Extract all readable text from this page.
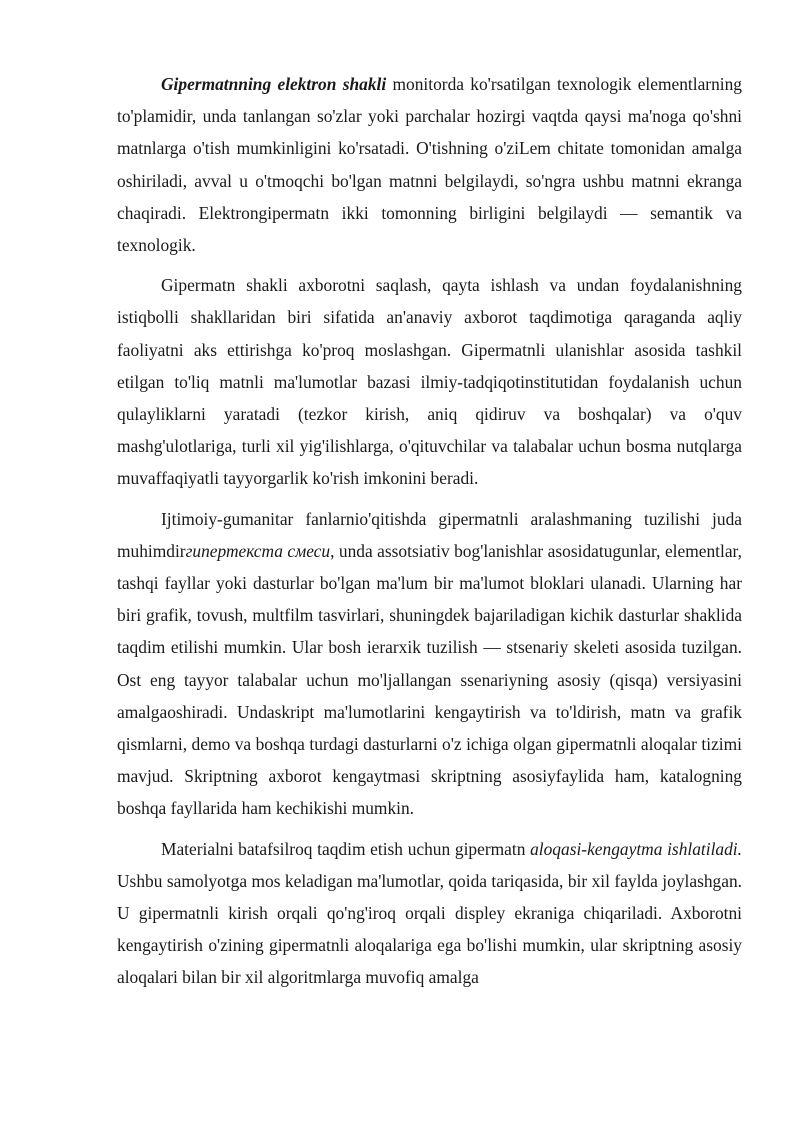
Gipermatnning elektron shakli monitorda ko'rsatilgan texnologik elementlarning to'plamidir, unda tanlangan so'zlar yoki parchalar hozirgi vaqtda qaysi ma'noga qo'shni matnlarga o'tish mumkinligini ko'rsatadi. O'tishning o'ziLem chitate tomonidan amalga oshiriladi, avval u o'tmoqchi bo'lgan matnni belgilaydi, so'ngra ushbu matnni ekranga chaqiradi. Elektrongipermatn ikki tomonning birligini belgilaydi — semantik va texnologik.

Gipermatn shakli axborotni saqlash, qayta ishlash va undan foydalanishning istiqbolli shakllaridan biri sifatida an'anaviy axborot taqdimotiga qaraganda aqliy faoliyatni aks ettirishga ko'proq moslashgan. Gipermatnli ulanishlar asosida tashkil etilgan to'liq matnli ma'lumotlar bazasi ilmiy-tadqiqotinstitutidan foydalanish uchun qulayliklarni yaratadi (tezkor kirish, aniq qidiruv va boshqalar) va o'quv mashg'ulotlariga, turli xil yig'ilishlarga, o'qituvchilar va talabalar uchun bosma nutqlarga muvaffaqiyatli tayyorgarlik ko'rish imkonini beradi.

Ijtimoiy-gumanitar fanlarnio'qitishda gipermatnli aralashmaning tuzilishi juda muhimdirгипертекста смеси, unda assotsiativ bog'lanishlar asosidatugunlar, elementlar, tashqi fayllar yoki dasturlar bo'lgan ma'lum bir ma'lumot bloklari ulanadi. Ularning har biri grafik, tovush, multfilm tasvirlari, shuningdek bajariladigan kichik dasturlar shaklida taqdim etilishi mumkin. Ular bosh ierarxik tuzilish — stsenariy skeleti asosida tuzilgan. Ost eng tayyor talabalar uchun mo'ljallangan ssenariyning asosiy (qisqa) versiyasini amalgaoshiradi. Undaskript ma'lumotlarini kengaytirish va to'ldirish, matn va grafik qismlarni, demo va boshqa turdagi dasturlarni o'z ichiga olgan gipermatnli aloqalar tizimi mavjud. Skriptning axborot kengaytmasi skriptning asosiyfaylida ham, katalogning boshqa fayllarida ham kechikishi mumkin.

Materialni batafsilroq taqdim etish uchun gipermatn aloqasi-kengaytma ishlatiladi. Ushbu samolyotga mos keladigan ma'lumotlar, qoida tariqasida, bir xil faylda joylashgan. U gipermatnli kirish orqali qo'ng'iroq orqali displey ekraniga chiqariladi. Axborotni kengaytirish o'zining gipermatnli aloqalariga ega bo'lishi mumkin, ular skriptning asosiy aloqalari bilan bir xil algoritmlarga muvofiq amalga
